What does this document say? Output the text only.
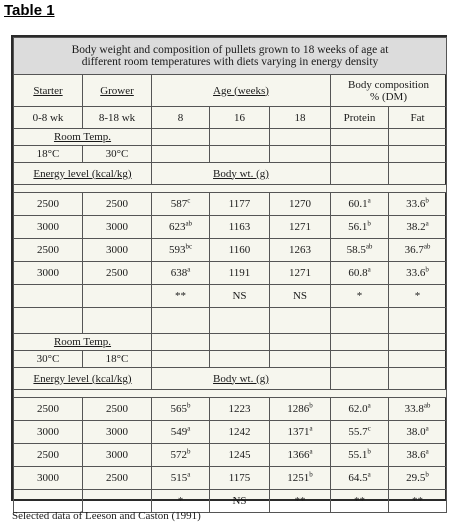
Table 1
Body weight and composition of pullets grown to 18 weeks of age at
different room temperatures with diets varying in energy density						
Starter	Grower	Age (weeks)			Body composition
% (DM)	
0-8 wk	8-18 wk	8	16	18	Protein	Fat
Room Temp.						
18°C	30°C					
Energy level (kcal/kg)		Body wt. (g)				

2500	2500	587$^c$	1177	1270	60.1$^a$	33.6$^b$
3000	3000	$623^{ab}$	1163	1271	56.1$^b$	38.2$^a$
2500	3000	$593^{bc}$	1160	1263	58.5$^{ab}$	36.7$^{ab}$
3000	2500	638$^a$	1191	1271	60.8$^a$	33.6$^b$
		**	NS	NS	*	*

Room Temp.						
30°C	18°C					
Energy level (kcal/kg)		Body wt. (g)				

2500	2500	565$^b$	1223	1286$^b$	62.0$^a$	33.8$^{ab}$
3000	3000	549$^a$	1242	1371$^a$	55.7$^c$	38.0$^a$
2500	3000	572$^b$	1245	1366$^a$	55.1$^b$	38.6$^a$
3000	2500	515$^a$	1175	1251$^b$	64.5$^a$	29.5$^b$
		*	NS	**	**	**
Selected data of Leeson and Caston (1991)
